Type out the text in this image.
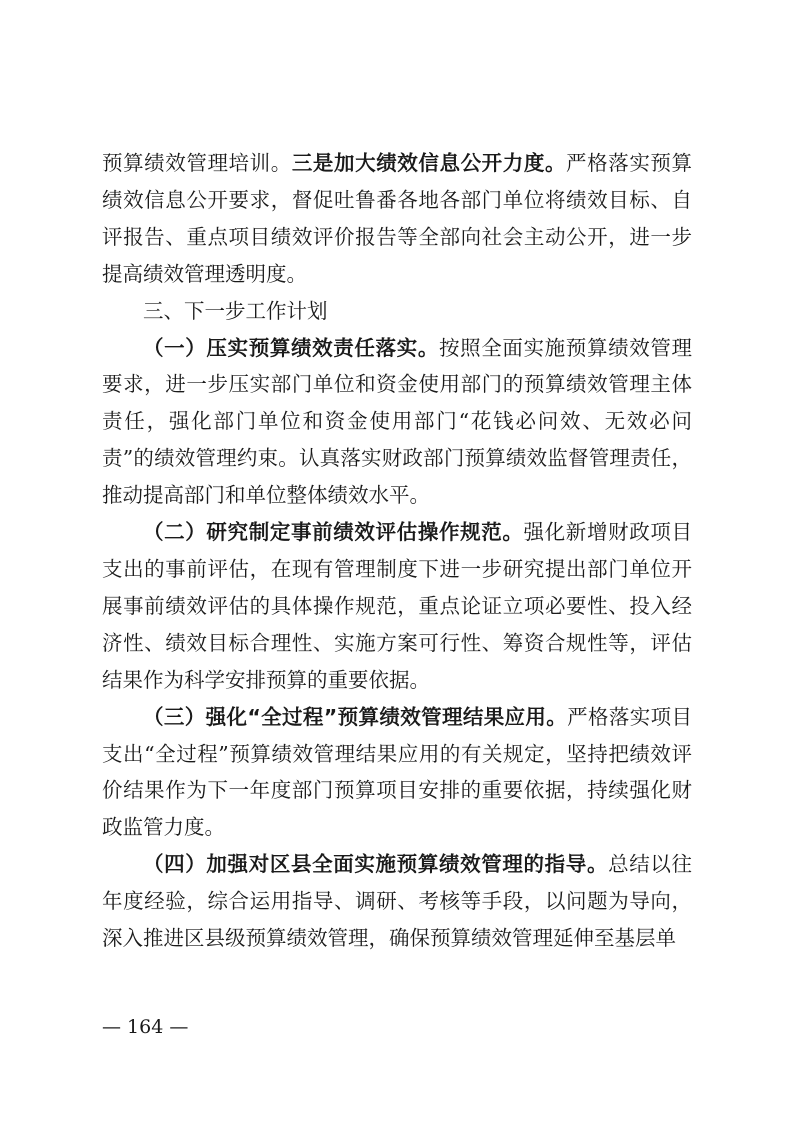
预算绩效管理培训。三是加大绩效信息公开力度。严格落实预算绩效信息公开要求，督促吐鲁番各地各部门单位将绩效目标、自评报告、重点项目绩效评价报告等全部向社会主动公开，进一步提高绩效管理透明度。

三、下一步工作计划

（一）压实预算绩效责任落实。按照全面实施预算绩效管理要求，进一步压实部门单位和资金使用部门的预算绩效管理主体责任，强化部门单位和资金使用部门“花钱必问效、无效必问责”的绩效管理约束。认真落实财政部门预算绩效监督管理责任，推动提高部门和单位整体绩效水平。

（二）研究制定事前绩效评估操作规范。强化新增财政项目支出的事前评估，在现有管理制度下进一步研究提出部门单位开展事前绩效评估的具体操作规范，重点论证立项必要性、投入经济性、绩效目标合理性、实施方案可行性、筹资合规性等，评估结果作为科学安排预算的重要依据。

（三）强化“全过程”预算绩效管理结果应用。严格落实项目支出“全过程”预算绩效管理结果应用的有关规定，坚持把绩效评价结果作为下一年度部门预算项目安排的重要依据，持续强化财政监管力度。

（四）加强对区县全面实施预算绩效管理的指导。总结以往年度经验，综合运用指导、调研、考核等手段，以问题为导向，深入推进区县级预算绩效管理，确保预算绩效管理延伸至基层单

— 164 —
